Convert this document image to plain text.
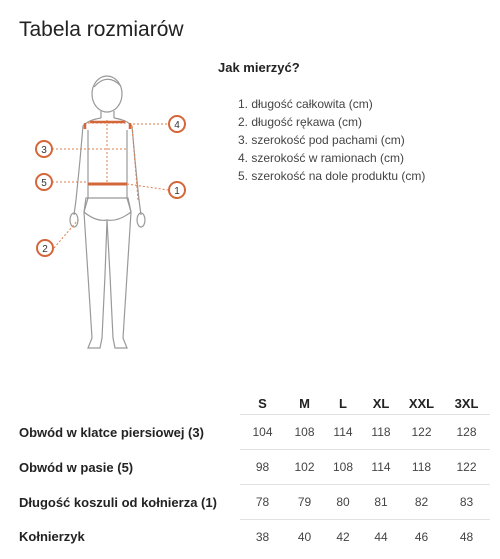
Tabela rozmiarów
1
2
3
4
5
Jak mierzyć?
1. długość całkowita (cm)
2. długość rękawa (cm)
3. szerokość pod pachami (cm)
4. szerokość w ramionach (cm)
5. szerokość na dole produktu (cm)
	S	M	L	XL	XXL	3XL
Obwód w klatce piersiowej (3)	104	108	114	118	122	128
Obwód w pasie (5)	98	102	108	114	118	122
Długość koszuli od kołnierza (1)	78	79	80	81	82	83
Kołnierzyk	38	40	42	44	46	48
